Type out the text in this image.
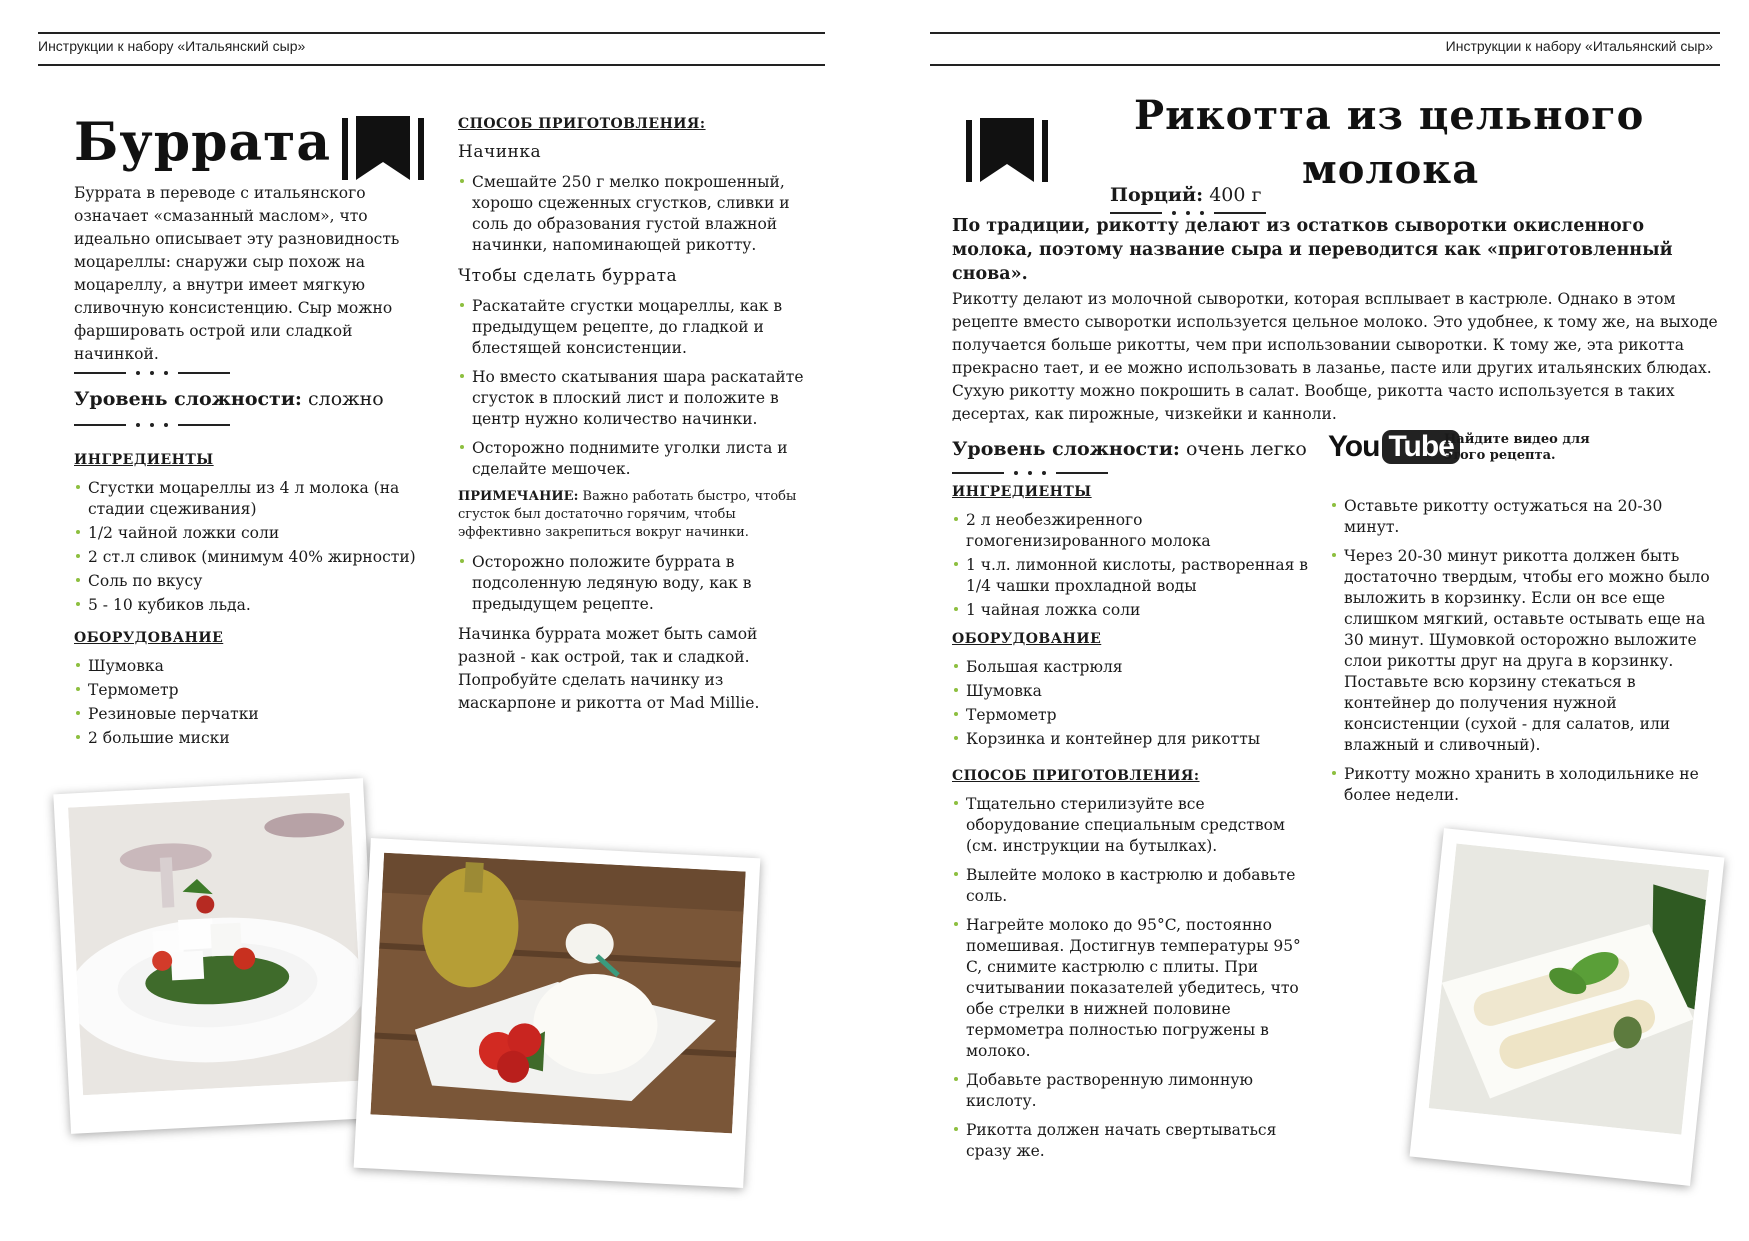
Инструкции к набору «Итальянский сыр»
Буррата

Буррата в переводе с итальянского означает «смазанный маслом», что идеально описывает эту разновидность моцареллы: снаружи сыр похож на моцареллу, а внутри имеет мягкую сливочную консистенцию. Сыр можно фаршировать острой или сладкой начинкой.

Уровень сложности: сложно

ИНГРЕДИЕНТЫ
Сгустки моцареллы из 4 л молока (на стадии сцеживания)
1/2 чайной ложки соли
2 ст.л сливок (минимум 40% жирности)
Соль по вкусу
5 - 10 кубиков льда.
ОБОРУДОВАНИЕ
Шумовка
Термометр
Резиновые перчатки
2 большие миски
СПОСОБ ПРИГОТОВЛЕНИЯ:
Начинка
Смешайте 250 г мелко покрошенный, хорошо сцеженных сгустков, сливки и соль до образования густой влажной начинки, напоминающей рикотту.
Чтобы сделать буррата
Раскатайте сгустки моцареллы, как в предыдущем рецепте, до гладкой и блестящей консистенции.
Но вместо скатывания шара раскатайте сгусток в плоский лист и положите в центр нужно количество начинки.
Осторожно поднимите уголки листа и сделайте мешочек.

ПРИМЕЧАНИЕ: Важно работать быстро, чтобы сгусток был достаточно горячим, чтобы эффективно закрепиться вокруг начинки.

Осторожно положите буррата в подсоленную ледяную воду, как в предыдущем рецепте.

Начинка буррата может быть самой разной - как острой, так и сладкой. Попробуйте сделать начинку из маскарпоне и рикотта от Mad Millie.

Инструкции к набору «Итальянский сыр»
Рикотта из цельного
молока
Порций: 400 г

По традиции, рикотту делают из остатков сыворотки окисленного молока, поэтому название сыра и переводится как «приготовленный снова».

Рикотту делают из молочной сыворотки, которая всплывает в кастрюле. Однако в этом рецепте вместо сыворотки используется цельное молоко. Это удобнее, к тому же, на выходе получается больше рикотты, чем при использовании сыворотки. К тому же, эта рикотта прекрасно тает, и ее можно использовать в лазанье, пасте или других итальянских блюдах. Сухую рикотту можно покрошить в салат. Вообще, рикотта часто используется в таких десертах, как пирожные, чизкейки и канноли.

Уровень сложности: очень легко

ИНГРЕДИЕНТЫ
2 л необезжиренного гомогенизированного молока
1 ч.л. лимонной кислоты, растворенная в 1/4 чашки прохладной воды
1 чайная ложка соли
ОБОРУДОВАНИЕ
Большая кастрюля
Шумовка
Термометр
Корзинка и контейнер для рикотты
СПОСОБ ПРИГОТОВЛЕНИЯ:
Тщательно стерилизуйте все оборудование специальным средством (см. инструкции на бутылках).
Вылейте молоко в кастрюлю и добавьте соль.
Нагрейте молоко до 95°C, постоянно помешивая. Достигнув температуры 95° C, снимите кастрюлю с плиты. При считывании показателей убедитесь, что обе стрелки в нижней половине термометра полностью погружены в молоко.
Добавьте растворенную лимонную кислоту.
Рикотта должен начать свертываться сразу же.
You Tube
Найдите видео для этого рецепта.
Оставьте рикотту остужаться на 20-30 минут.
Через 20-30 минут рикотта должен быть достаточно твердым, чтобы его можно было выложить в корзинку. Если он все еще слишком мягкий, оставьте остывать еще на 30 минут. Шумовкой осторожно выложите слои рикотты друг на друга в корзинку. Поставьте всю корзину стекаться в контейнер до получения нужной консистенции (сухой - для салатов, или влажный и сливочный).
Рикотту можно хранить в холодильнике не более недели.
